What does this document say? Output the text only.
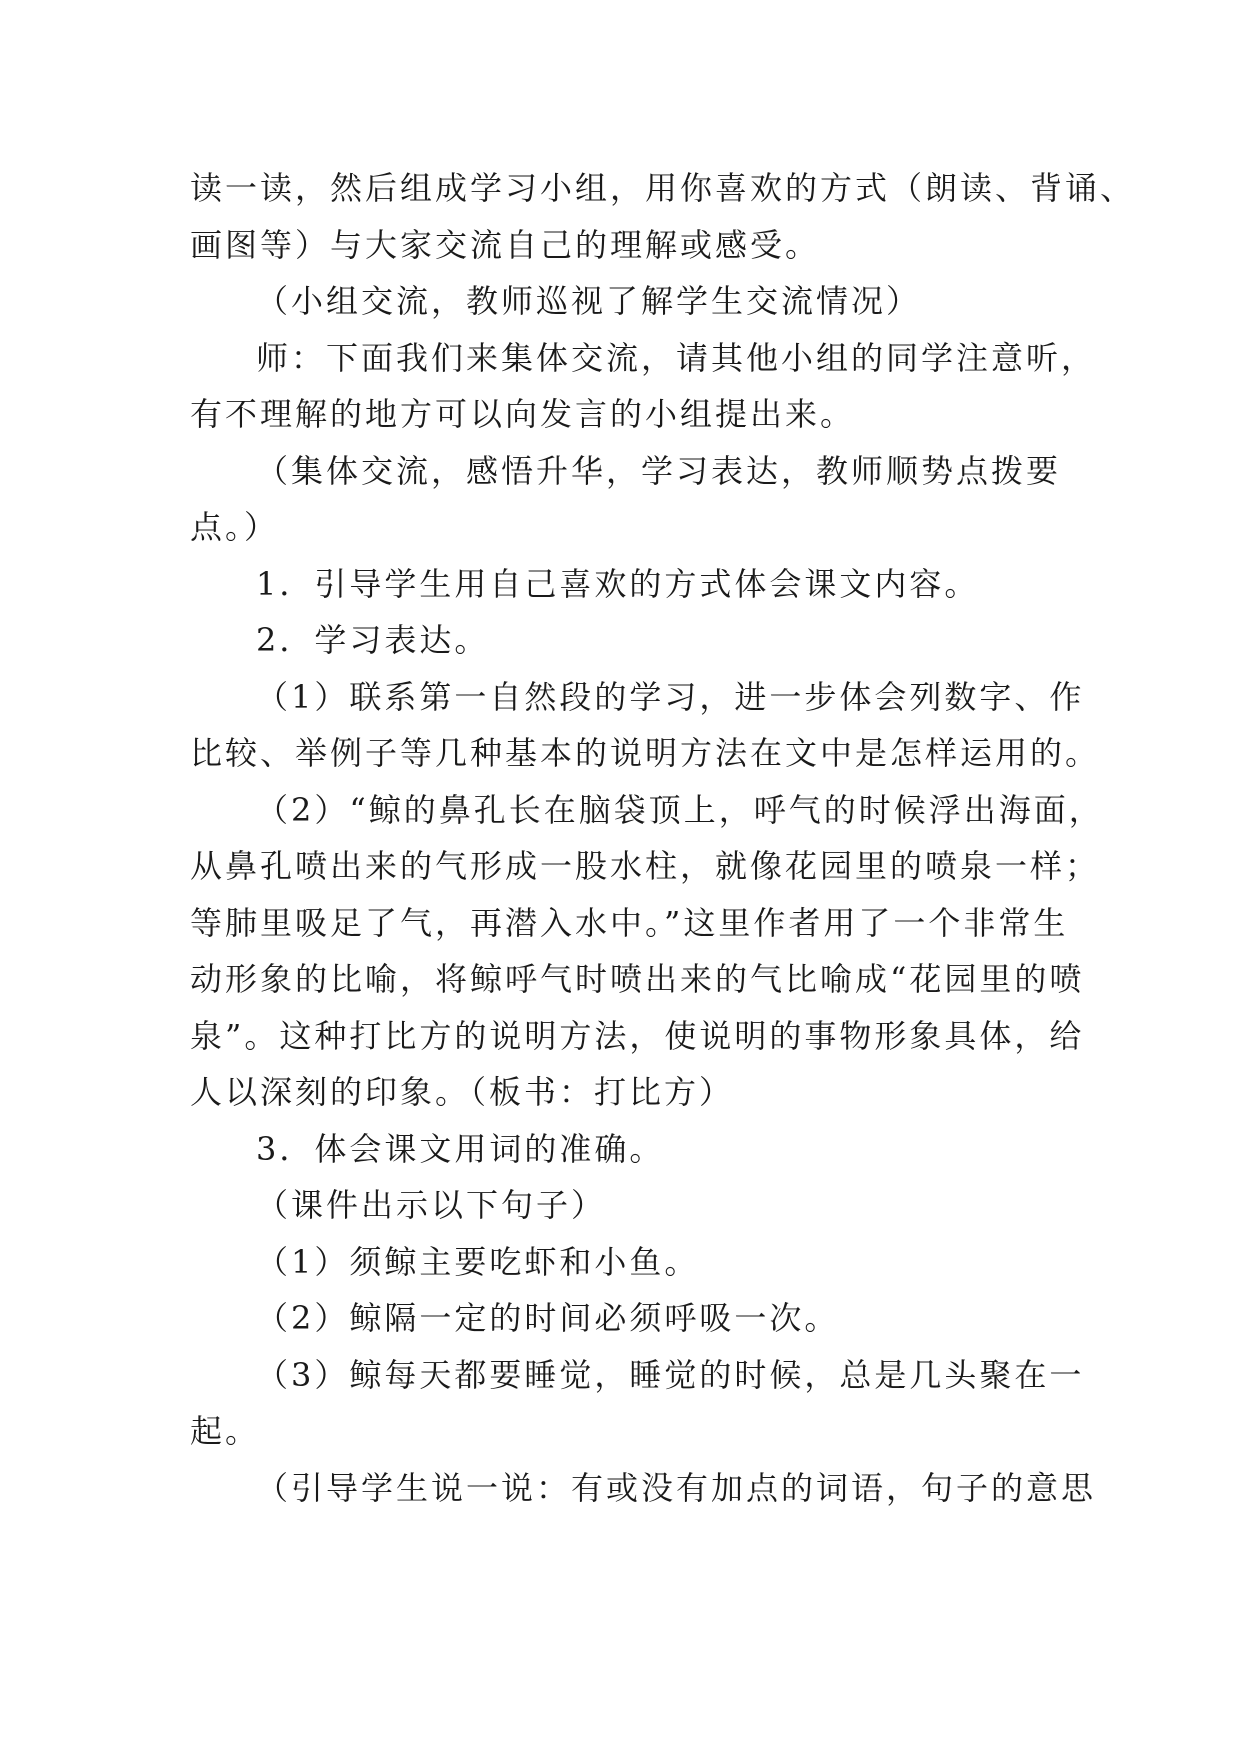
读一读，然后组成学习小组，用你喜欢的方式（朗读、背诵、
画图等）与大家交流自己的理解或感受。
（小组交流，教师巡视了解学生交流情况）
师：下面我们来集体交流，请其他小组的同学注意听，
有不理解的地方可以向发言的小组提出来。
（集体交流，感悟升华，学习表达，教师顺势点拨要
点。）
1．引导学生用自己喜欢的方式体会课文内容。
2．学习表达。
（1）联系第一自然段的学习，进一步体会列数字、作
比较、举例子等几种基本的说明方法在文中是怎样运用的。
（2）“鲸的鼻孔长在脑袋顶上，呼气的时候浮出海面，
从鼻孔喷出来的气形成一股水柱，就像花园里的喷泉一样；
等肺里吸足了气，再潜入水中。”这里作者用了一个非常生
动形象的比喻，将鲸呼气时喷出来的气比喻成“花园里的喷
泉”。这种打比方的说明方法，使说明的事物形象具体，给
人以深刻的印象。（板书：打比方）
3．体会课文用词的准确。
（课件出示以下句子）
（1）须鲸主要吃虾和小鱼。
（2）鲸隔一定的时间必须呼吸一次。
（3）鲸每天都要睡觉，睡觉的时候，总是几头聚在一
起。
（引导学生说一说：有或没有加点的词语，句子的意思
